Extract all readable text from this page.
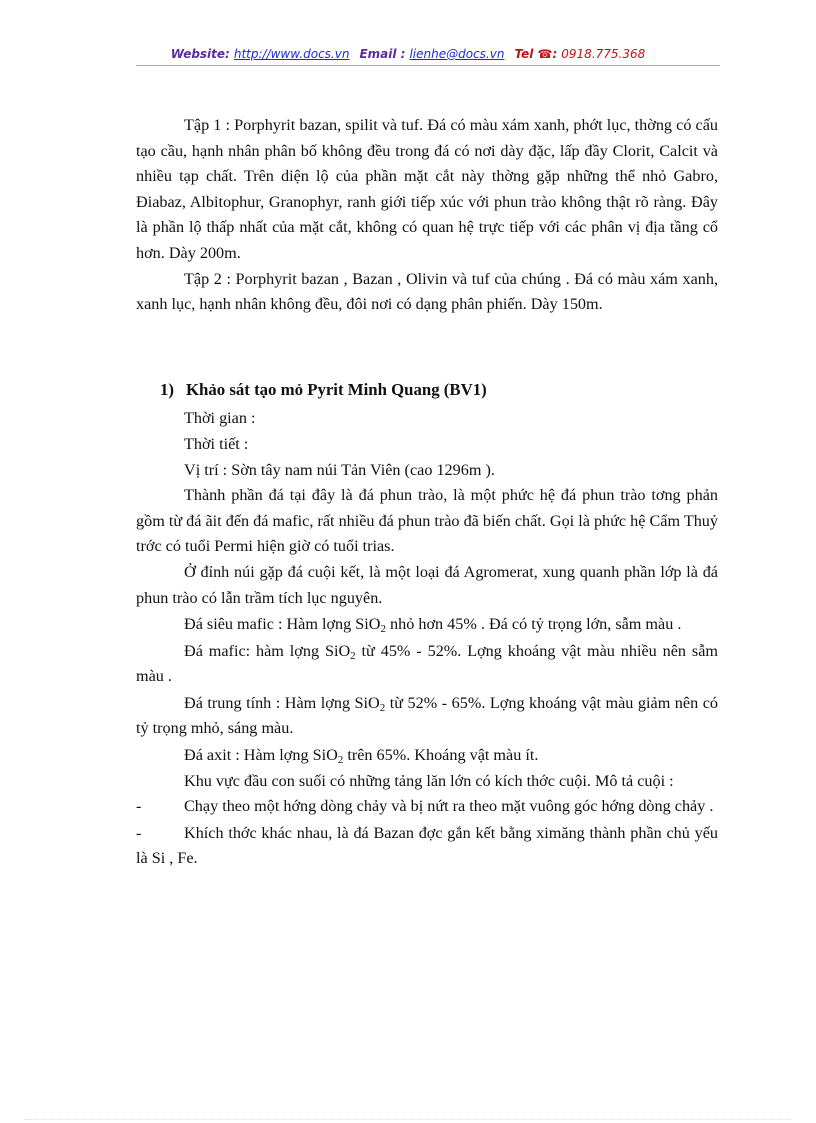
Website: http://www.docs.vn Email : lienhe@docs.vn Tel ☎: 0918.775.368

Tập 1 : Porphyrit bazan, spilit và tuf. Đá có màu xám xanh, phớt lục, thờng có cấu tạo cầu, hạnh nhân phân bố không đều trong đá có nơi dày đặc, lấp đầy Clorit, Calcit và nhiều tạp chất. Trên diện lộ của phần mặt cắt này thờng gặp những thể nhỏ Gabro, Điabaz, Albitophur, Granophyr, ranh giới tiếp xúc với phun trào không thật rõ ràng. Đây là phần lộ thấp nhất của mặt cắt, không có quan hệ trực tiếp với các phân vị địa tầng cổ hơn. Dày 200m.

Tập 2 : Porphyrit bazan , Bazan , Olivin và tuf của chúng . Đá có màu xám xanh, xanh lục, hạnh nhân không đều, đôi nơi có dạng phân phiến. Dày 150m.

1) Khảo sát tạo mỏ Pyrit Minh Quang (BV1)

Thời gian :

Thời tiết :

Vị trí : Sờn tây nam núi Tản Viên (cao 1296m ).

Thành phần đá tại đây là đá phun trào, là một phức hệ đá phun trào tơng phản gồm từ đá ãit đến đá mafic, rất nhiều đá phun trào đã biến chất. Gọi là phức hệ Cẩm Thuỷ trớc có tuổi Permi hiện giờ có tuổi trias.

Ở đỉnh núi gặp đá cuội kết, là một loại đá Agromerat, xung quanh phần lớp là đá phun trào có lẫn trầm tích lục nguyên.

Đá siêu mafic : Hàm lợng SiO$_2$ nhỏ hơn 45% . Đá có tỷ trọng lớn, sẫm màu .

Đá mafic: hàm lợng SiO$_2$ từ 45% - 52%. Lợng khoáng vật màu nhiều nên sẫm màu .

Đá trung tính : Hàm lợng SiO$_2$ từ 52% - 65%. Lợng khoáng vật màu giảm nên có tỷ trọng mhỏ, sáng màu.

Đá axit : Hàm lợng SiO$_2$ trên 65%. Khoáng vật màu ít.

Khu vực đầu con suối có những tảng lăn lớn có kích thớc cuội. Mô tả cuội :

-	Chạy theo một hớng dòng chảy và bị nứt ra theo mặt vuông góc hớng dòng chảy .

-	Khích thớc khác nhau, là đá Bazan đợc gắn kết bằng ximăng thành phần chủ yếu là Si , Fe.
